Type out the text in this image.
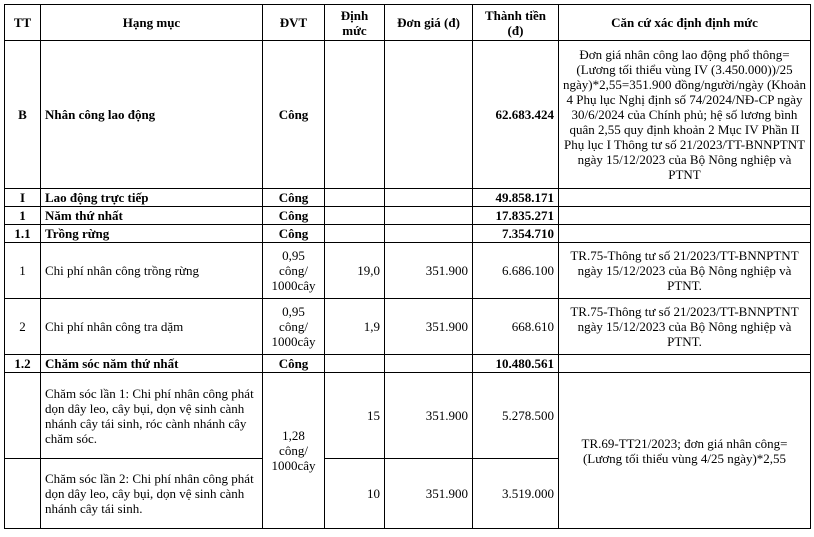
TT	Hạng mục	ĐVT	Định mức	Đơn giá (đ)	Thành tiền (đ)	Căn cứ xác định định mức
B	Nhân công lao động	Công			62.683.424	Đơn giá nhân công lao động phổ thông=(Lương tối thiểu vùng IV (3.450.000))/25 ngày)*2,55=351.900 đồng/người/ngày (Khoản 4 Phụ lục Nghị định số 74/2024/NĐ-CP ngày 30/6/2024 của Chính phủ; hệ số lương bình quân 2,55 quy định khoản 2 Mục IV Phần II Phụ lục I Thông tư số 21/2023/TT-BNNPTNT ngày 15/12/2023 của Bộ Nông nghiệp và PTNT
I	Lao động trực tiếp	Công			49.858.171	
1	Năm thứ nhất	Công			17.835.271	
1.1	Trồng rừng	Công			7.354.710	
1	Chi phí nhân công trồng rừng	0,95 công/ 1000cây	19,0	351.900	6.686.100	TR.75-Thông tư số 21/2023/TT-BNNPTNT ngày 15/12/2023 của Bộ Nông nghiệp và PTNT.
2	Chi phí nhân công tra dặm	0,95 công/ 1000cây	1,9	351.900	668.610	TR.75-Thông tư số 21/2023/TT-BNNPTNT ngày 15/12/2023 của Bộ Nông nghiệp và PTNT.
1.2	Chăm sóc năm thứ nhất	Công			10.480.561	
	Chăm sóc lần 1: Chi phí nhân công phát dọn dây leo, cây bụi, dọn vệ sinh cành nhánh cây tái sinh, róc cành nhánh cây chăm sóc.	1,28 công/ 1000cây	15	351.900	5.278.500	TR.69-TT21/2023; đơn giá nhân công=(Lương tối thiểu vùng 4/25 ngày)*2,55
	Chăm sóc lần 2: Chi phí nhân công phát dọn dây leo, cây bụi, dọn vệ sinh cành nhánh cây tái sinh.		10	351.900	3.519.000	
